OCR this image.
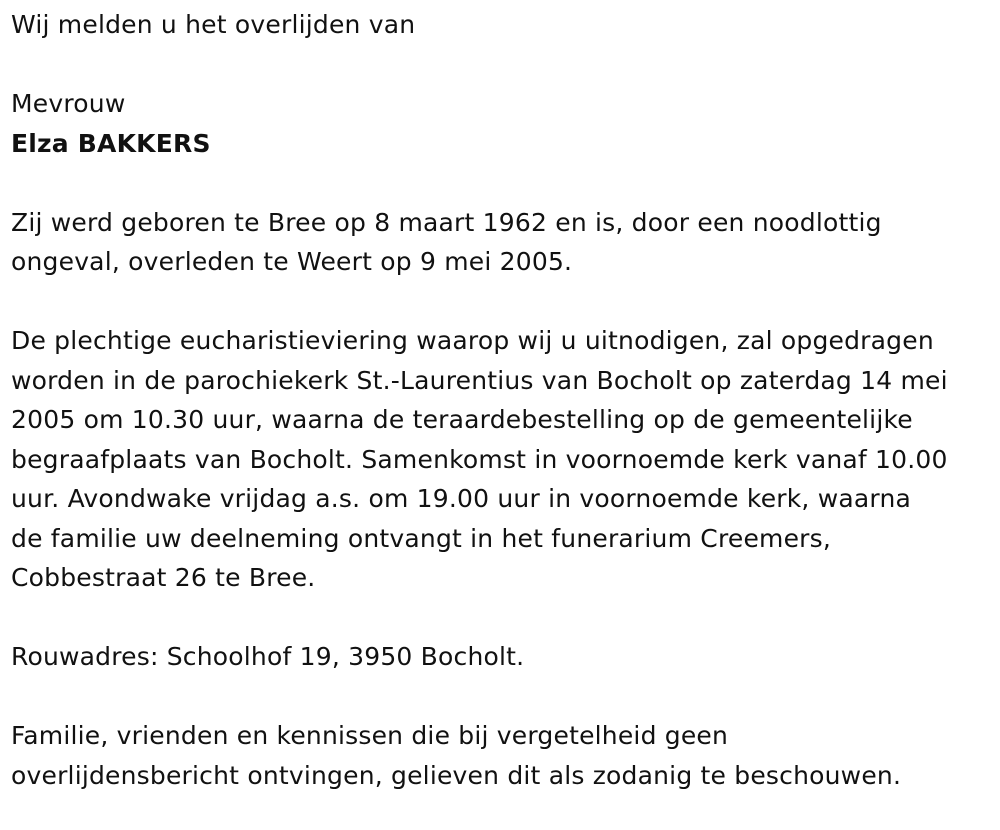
Wij melden u het overlijden van

Mevrouw

Elza BAKKERS

Zij werd geboren te Bree op 8 maart 1962 en is, door een noodlottig

ongeval, overleden te Weert op 9 mei 2005.

De plechtige eucharistieviering waarop wij u uitnodigen, zal opgedragen

worden in de parochiekerk St.-Laurentius van Bocholt op zaterdag 14 mei

2005 om 10.30 uur, waarna de teraardebestelling op de gemeentelijke

begraafplaats van Bocholt. Samenkomst in voornoemde kerk vanaf 10.00

uur. Avondwake vrijdag a.s. om 19.00 uur in voornoemde kerk, waarna

de familie uw deelneming ontvangt in het funerarium Creemers,

Cobbestraat 26 te Bree.

Rouwadres: Schoolhof 19, 3950 Bocholt.

Familie, vrienden en kennissen die bij vergetelheid geen

overlijdensbericht ontvingen, gelieven dit als zodanig te beschouwen.
